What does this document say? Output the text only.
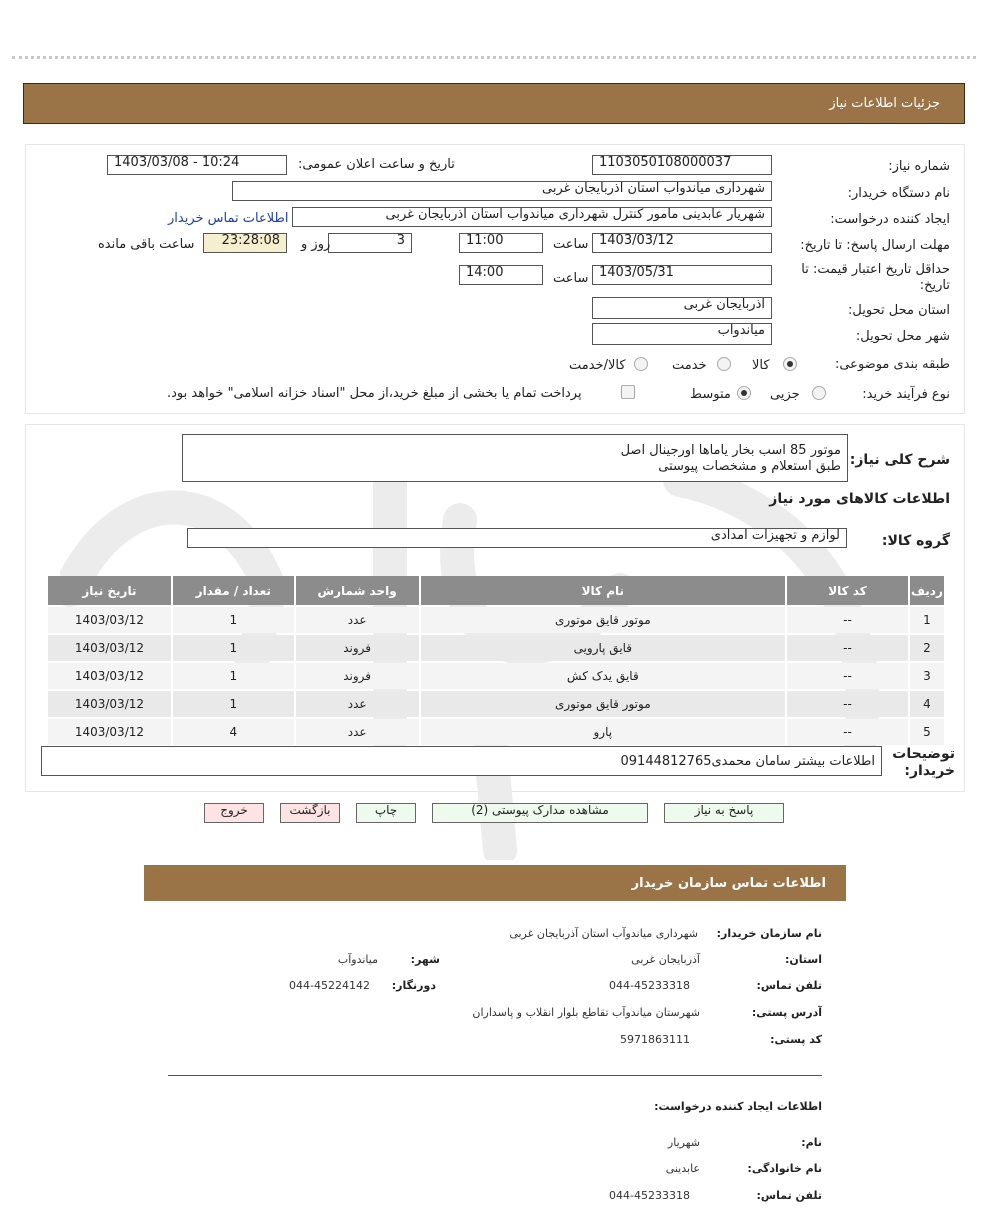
جزئیات اطلاعات نیاز
شماره نیاز:
1103050108000037
تاریخ و ساعت اعلان عمومی:
1403/03/08 - 10:24
نام دستگاه خریدار:
شهرداری میاندواب استان آذربایجان غربی
ایجاد کننده درخواست:
شهریار عابدینی مامور کنترل شهرداری میاندواب استان آذربایجان غربی
اطلاعات تماس خریدار
مهلت ارسال پاسخ: تا تاریخ:
1403/03/12
ساعت
11:00
3
روز و
23:28:08
ساعت باقی مانده
حداقل تاریخ اعتبار قیمت: تا تاریخ:
1403/05/31
ساعت
14:00
استان محل تحویل:
آذربایجان غربی
شهر محل تحویل:
میاندواب
طبقه بندی موضوعی:
کالا
خدمت
کالا/خدمت
نوع فرآیند خرید:
جزیی
متوسط
پرداخت تمام یا بخشی از مبلغ خرید،از محل "اسناد خزانه اسلامی" خواهد بود.
شرح کلی نیاز:
موتور 85 اسب بخار یاماها اورجینال اصل
طبق استعلام و مشخصات پیوستی
اطلاعات کالاهای مورد نیاز
گروه کالا:
لوازم و تجهیزات امدادی
ردیف	کد کالا	نام کالا	واحد شمارش	تعداد / مقدار	تاریخ نیاز
1	--	موتور قایق موتوری	عدد	1	1403/03/12
2	--	قایق پارویی	فروند	1	1403/03/12
3	--	قایق یدک کش	فروند	1	1403/03/12
4	--	موتور قایق موتوری	عدد	1	1403/03/12
5	--	پارو	عدد	4	1403/03/12
توضیحات خریدار:
اطلاعات بیشتر سامان محمدی09144812765
پاسخ به نیاز
مشاهده مدارک پیوستی (2)
چاپ
بازگشت
خروج
اطلاعات تماس سازمان خریدار
نام سازمان خریدار:
شهرداری میاندوآب استان آذربایجان غربی
استان:
آذربایجان غربی
شهر:
میاندوآب
تلفن تماس:
044-45233318
دورنگار:
044-45224142
آدرس پستی:
شهرستان میاندوآب تقاطع بلوار انقلاب و پاسداران
کد پستی:
5971863111
اطلاعات ایجاد کننده درخواست:
نام:
شهریار
نام خانوادگی:
عابدینی
تلفن تماس:
044-45233318
